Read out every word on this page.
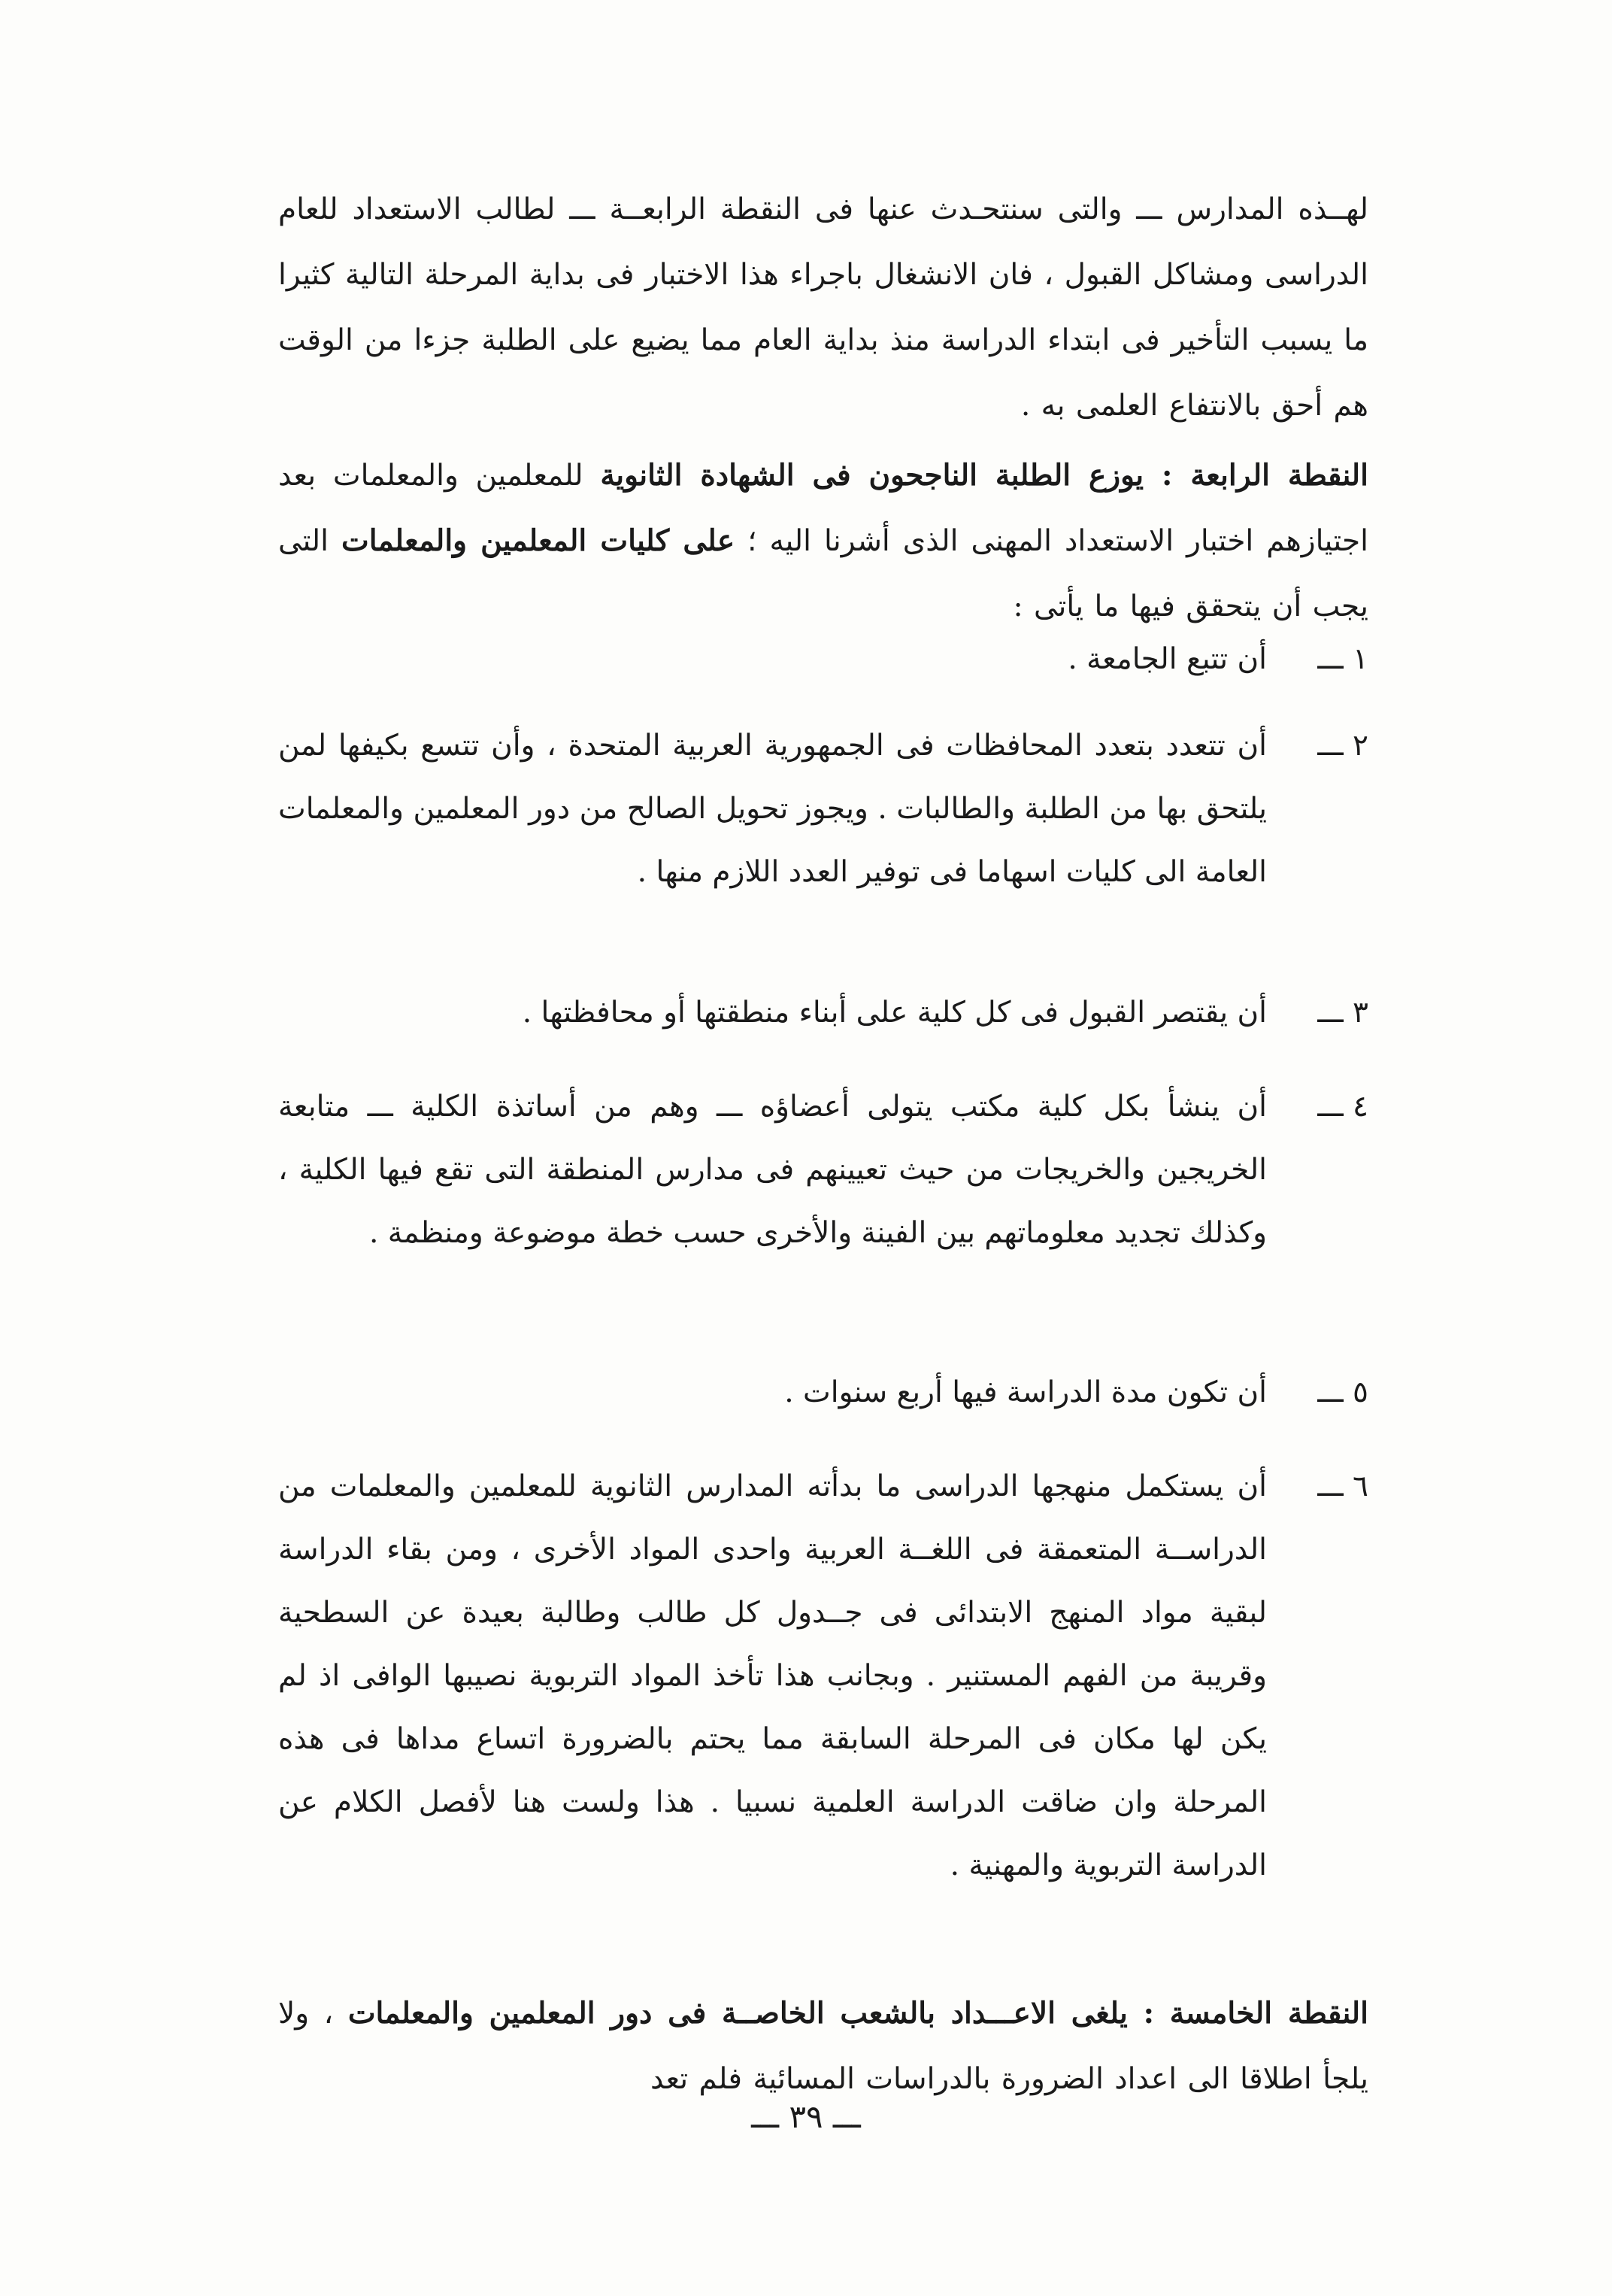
لهــذه المدارس ـــ والتى سنتحـدث عنها فى النقطة الرابعــة ـــ لطالب الاستعداد للعام الدراسى ومشاكل القبول ، فان الانشغال باجراء هذا الاختبار فى بداية المرحلة التالية كثيرا ما يسبب التأخير فى ابتداء الدراسة منذ بداية العام مما يضيع على الطلبة جزءا من الوقت هم أحق بالانتفاع العلمى به .

النقطة الرابعة : يوزع الطلبة الناجحون فى الشهادة الثانوية للمعلمين والمعلمات بعد اجتيازهم اختبار الاستعداد المهنى الذى أشرنا اليه ؛ على كليات المعلمين والمعلمات التى يجب أن يتحقق فيها ما يأتى :

١ ـــ
أن تتبع الجامعة .
٢ ـــ
أن تتعدد بتعدد المحافظات فى الجمهورية العربية المتحدة ، وأن تتسع بكيفها لمن يلتحق بها من الطلبة والطالبات . ويجوز تحويل الصالح من دور المعلمين والمعلمات العامة الى كليات اسهاما فى توفير العدد اللازم منها .
٣ ـــ
أن يقتصر القبول فى كل كلية على أبناء منطقتها أو محافظتها .
٤ ـــ
أن ينشأ بكل كلية مكتب يتولى أعضاؤه ـــ وهم من أساتذة الكلية ـــ متابعة الخريجين والخريجات من حيث تعيينهم فى مدارس المنطقة التى تقع فيها الكلية ، وكذلك تجديد معلوماتهم بين الفينة والأخرى حسب خطة موضوعة ومنظمة .
٥ ـــ
أن تكون مدة الدراسة فيها أربع سنوات .
٦ ـــ
أن يستكمل منهجها الدراسى ما بدأته المدارس الثانوية للمعلمين والمعلمات من الدراســة المتعمقة فى اللغــة العربية واحدى المواد الأخرى ، ومن بقاء الدراسة لبقية مواد المنهج الابتدائى فى جــدول كل طالب وطالبة بعيدة عن السطحية وقريبة من الفهم المستنير . وبجانب هذا تأخذ المواد التربوية نصيبها الوافى اذ لم يكن لها مكان فى المرحلة السابقة مما يحتم بالضرورة اتساع مداها فى هذه المرحلة وان ضاقت الدراسة العلمية نسبيا . هذا ولست هنا لأفصل الكلام عن الدراسة التربوية والمهنية .

النقطة الخامسة : يلغى الاعـــداد بالشعب الخاصــة فى دور المعلمين والمعلمات ، ولا يلجأ اطلاقا الى اعداد الضرورة بالدراسات المسائية فلم تعد

ـــ ٣٩ ـــ
